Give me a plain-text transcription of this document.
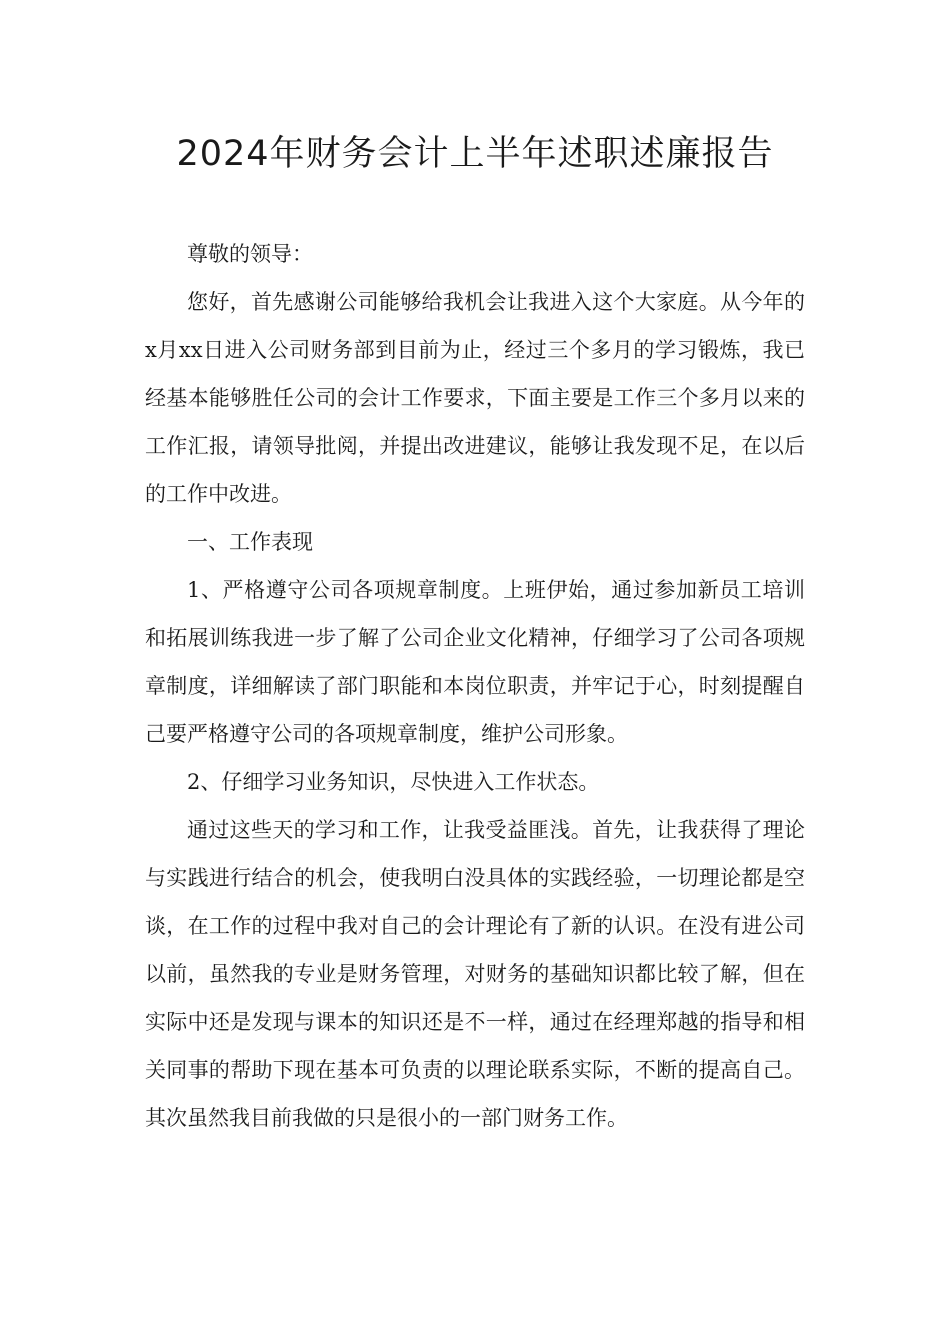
2024年财务会计上半年述职述廉报告

尊敬的领导：

您好，首先感谢公司能够给我机会让我进入这个大家庭。从今年的x月xx日进入公司财务部到目前为止，经过三个多月的学习锻炼，我已经基本能够胜任公司的会计工作要求，下面主要是工作三个多月以来的工作汇报，请领导批阅，并提出改进建议，能够让我发现不足，在以后的工作中改进。

一、工作表现

1、严格遵守公司各项规章制度。上班伊始，通过参加新员工培训和拓展训练我进一步了解了公司企业文化精神，仔细学习了公司各项规章制度，详细解读了部门职能和本岗位职责，并牢记于心，时刻提醒自己要严格遵守公司的各项规章制度，维护公司形象。

2、仔细学习业务知识，尽快进入工作状态。

通过这些天的学习和工作，让我受益匪浅。首先，让我获得了理论与实践进行结合的机会，使我明白没具体的实践经验，一切理论都是空谈，在工作的过程中我对自己的会计理论有了新的认识。在没有进公司以前，虽然我的专业是财务管理，对财务的基础知识都比较了解，但在实际中还是发现与课本的知识还是不一样，通过在经理郑越的指导和相关同事的帮助下现在基本可负责的以理论联系实际，不断的提高自己。其次虽然我目前我做的只是很小的一部门财务工作。
